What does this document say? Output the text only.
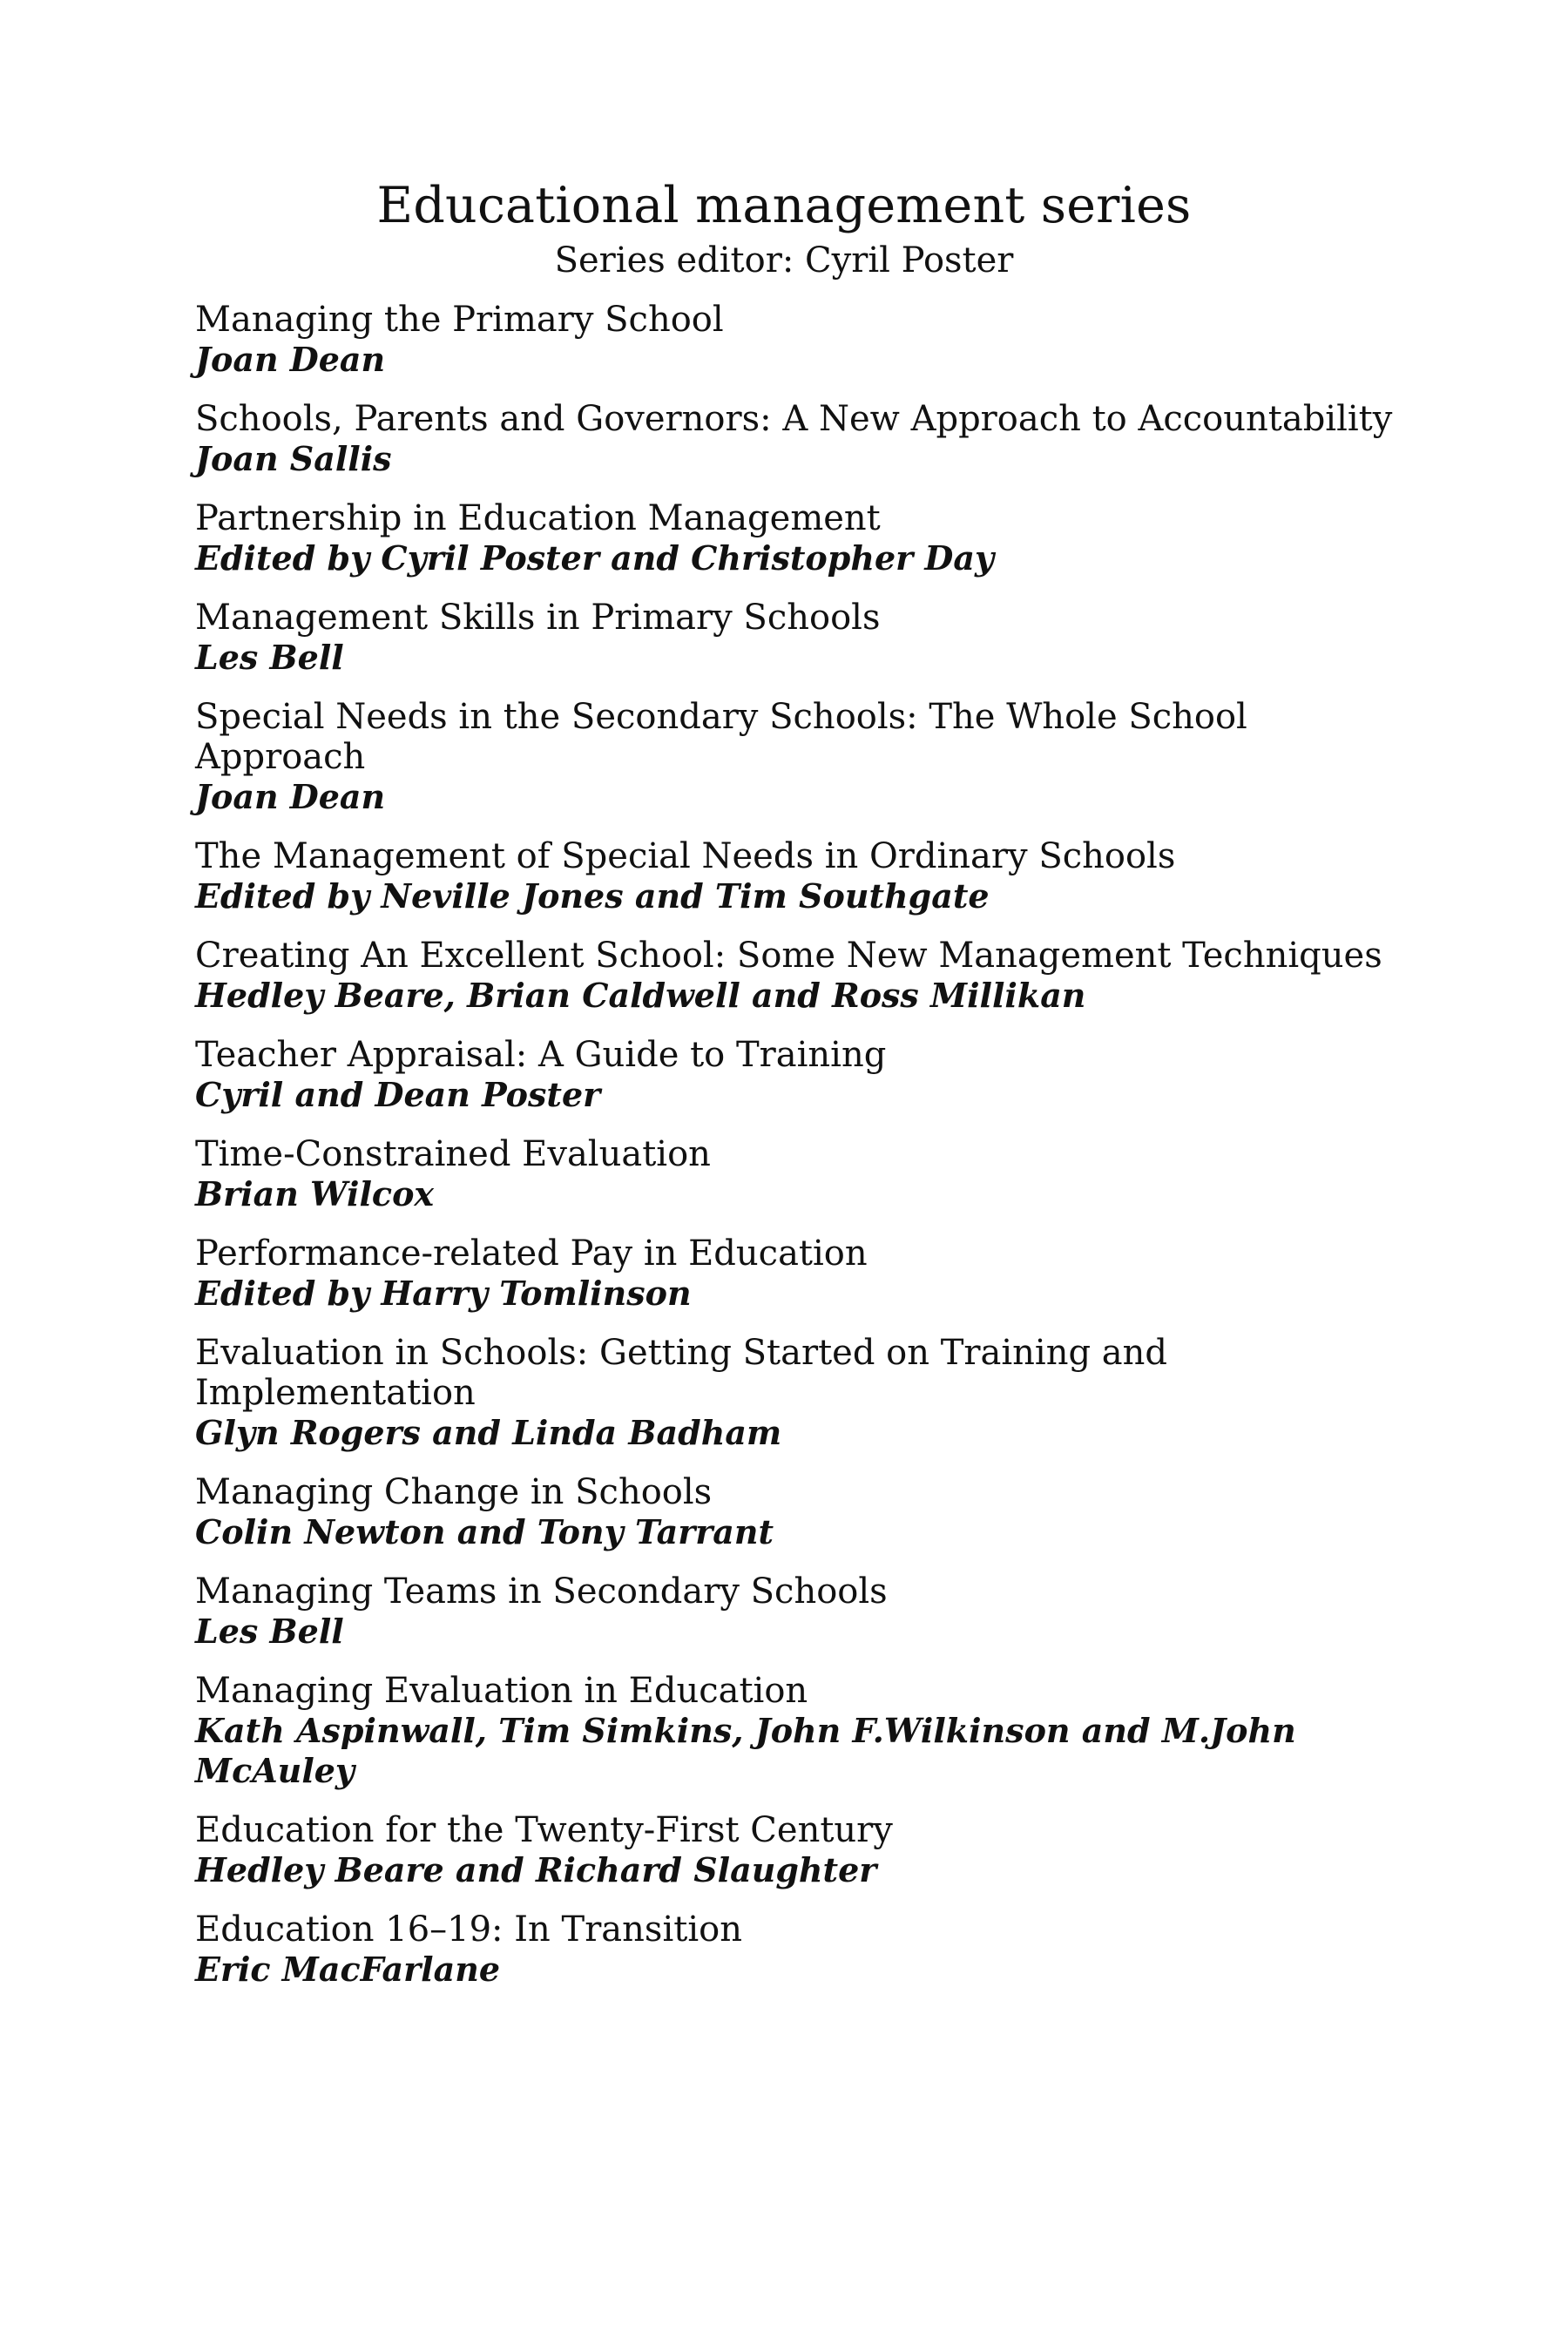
Educational management series

Series editor: Cyril Poster

Managing the Primary School

Joan Dean

Schools, Parents and Governors: A New Approach to Accountability

Joan Sallis

Partnership in Education Management

Edited by Cyril Poster and Christopher Day

Management Skills in Primary Schools

Les Bell

Special Needs in the Secondary Schools: The Whole School Approach

Joan Dean

The Management of Special Needs in Ordinary Schools

Edited by Neville Jones and Tim Southgate

Creating An Excellent School: Some New Management Techniques

Hedley Beare, Brian Caldwell and Ross Millikan

Teacher Appraisal: A Guide to Training

Cyril and Dean Poster

Time-Constrained Evaluation

Brian Wilcox

Performance-related Pay in Education

Edited by Harry Tomlinson

Evaluation in Schools: Getting Started on Training and Implementation

Glyn Rogers and Linda Badham

Managing Change in Schools

Colin Newton and Tony Tarrant

Managing Teams in Secondary Schools

Les Bell

Managing Evaluation in Education

Kath Aspinwall, Tim Simkins, John F.Wilkinson and M.John McAuley

Education for the Twenty-First Century

Hedley Beare and Richard Slaughter

Education 16–19: In Transition

Eric MacFarlane
